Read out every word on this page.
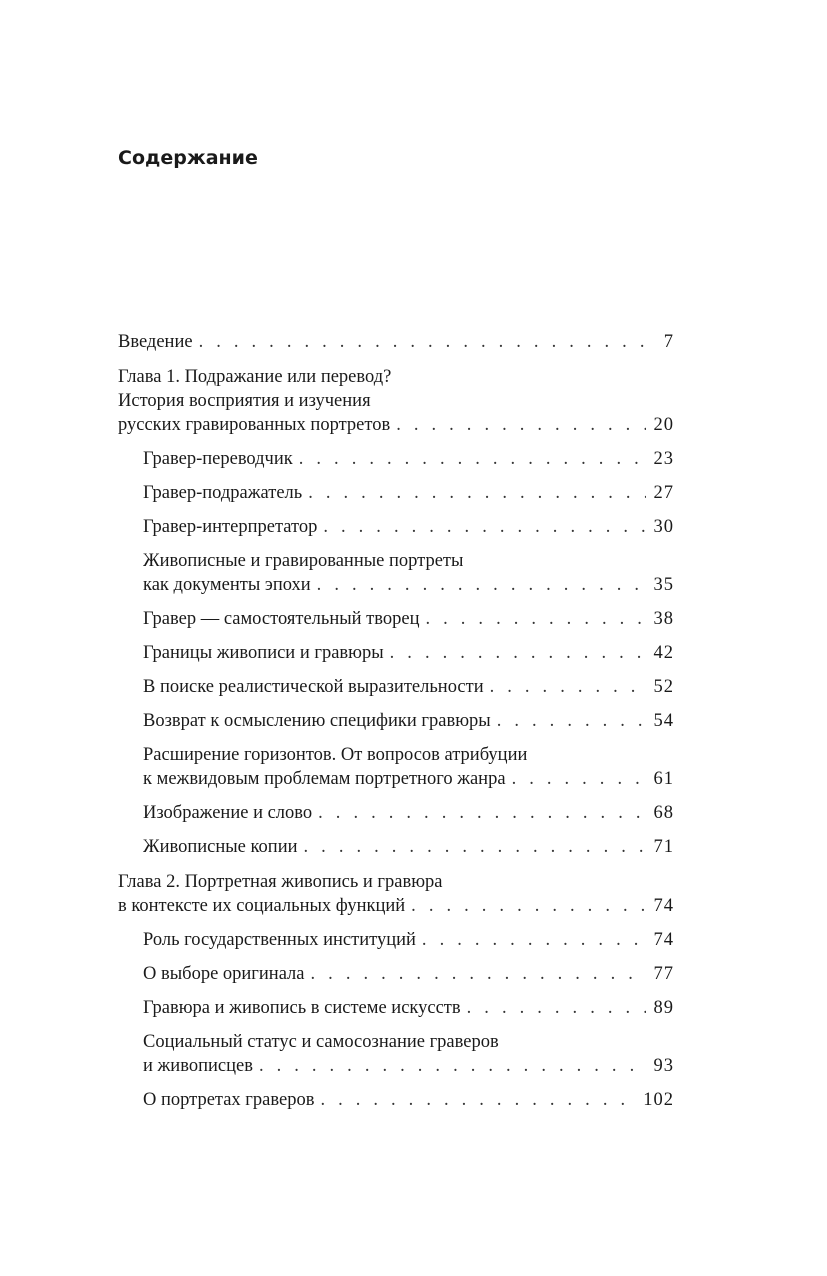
Содержание
Введение . . .	7
Глава 1. Подражание или перевод?
История восприятия и изучения
русских гравированных портретов . . .	20
Гравер-переводчик . . .	23
Гравер-подражатель . . .	27
Гравер-интерпретатор . . .	30
Живописные и гравированные портреты
как документы эпохи . . .	35
Гравер — самостоятельный творец . . .	38
Границы живописи и гравюры . . .	42
В поиске реалистической выразительности . . .	52
Возврат к осмыслению специфики гравюры . . .	54
Расширение горизонтов. От вопросов атрибуции
к межвидовым проблемам портретного жанра . . .	61
Изображение и слово . . .	68
Живописные копии . . .	71
Глава 2. Портретная живопись и гравюра
в контексте их социальных функций . . .	74
Роль государственных институций . . .	74
О выборе оригинала . . .	77
Гравюра и живопись в системе искусств . . .	89
Социальный статус и самосознание граверов
и живописцев . . .	93
О портретах граверов . . .	102
